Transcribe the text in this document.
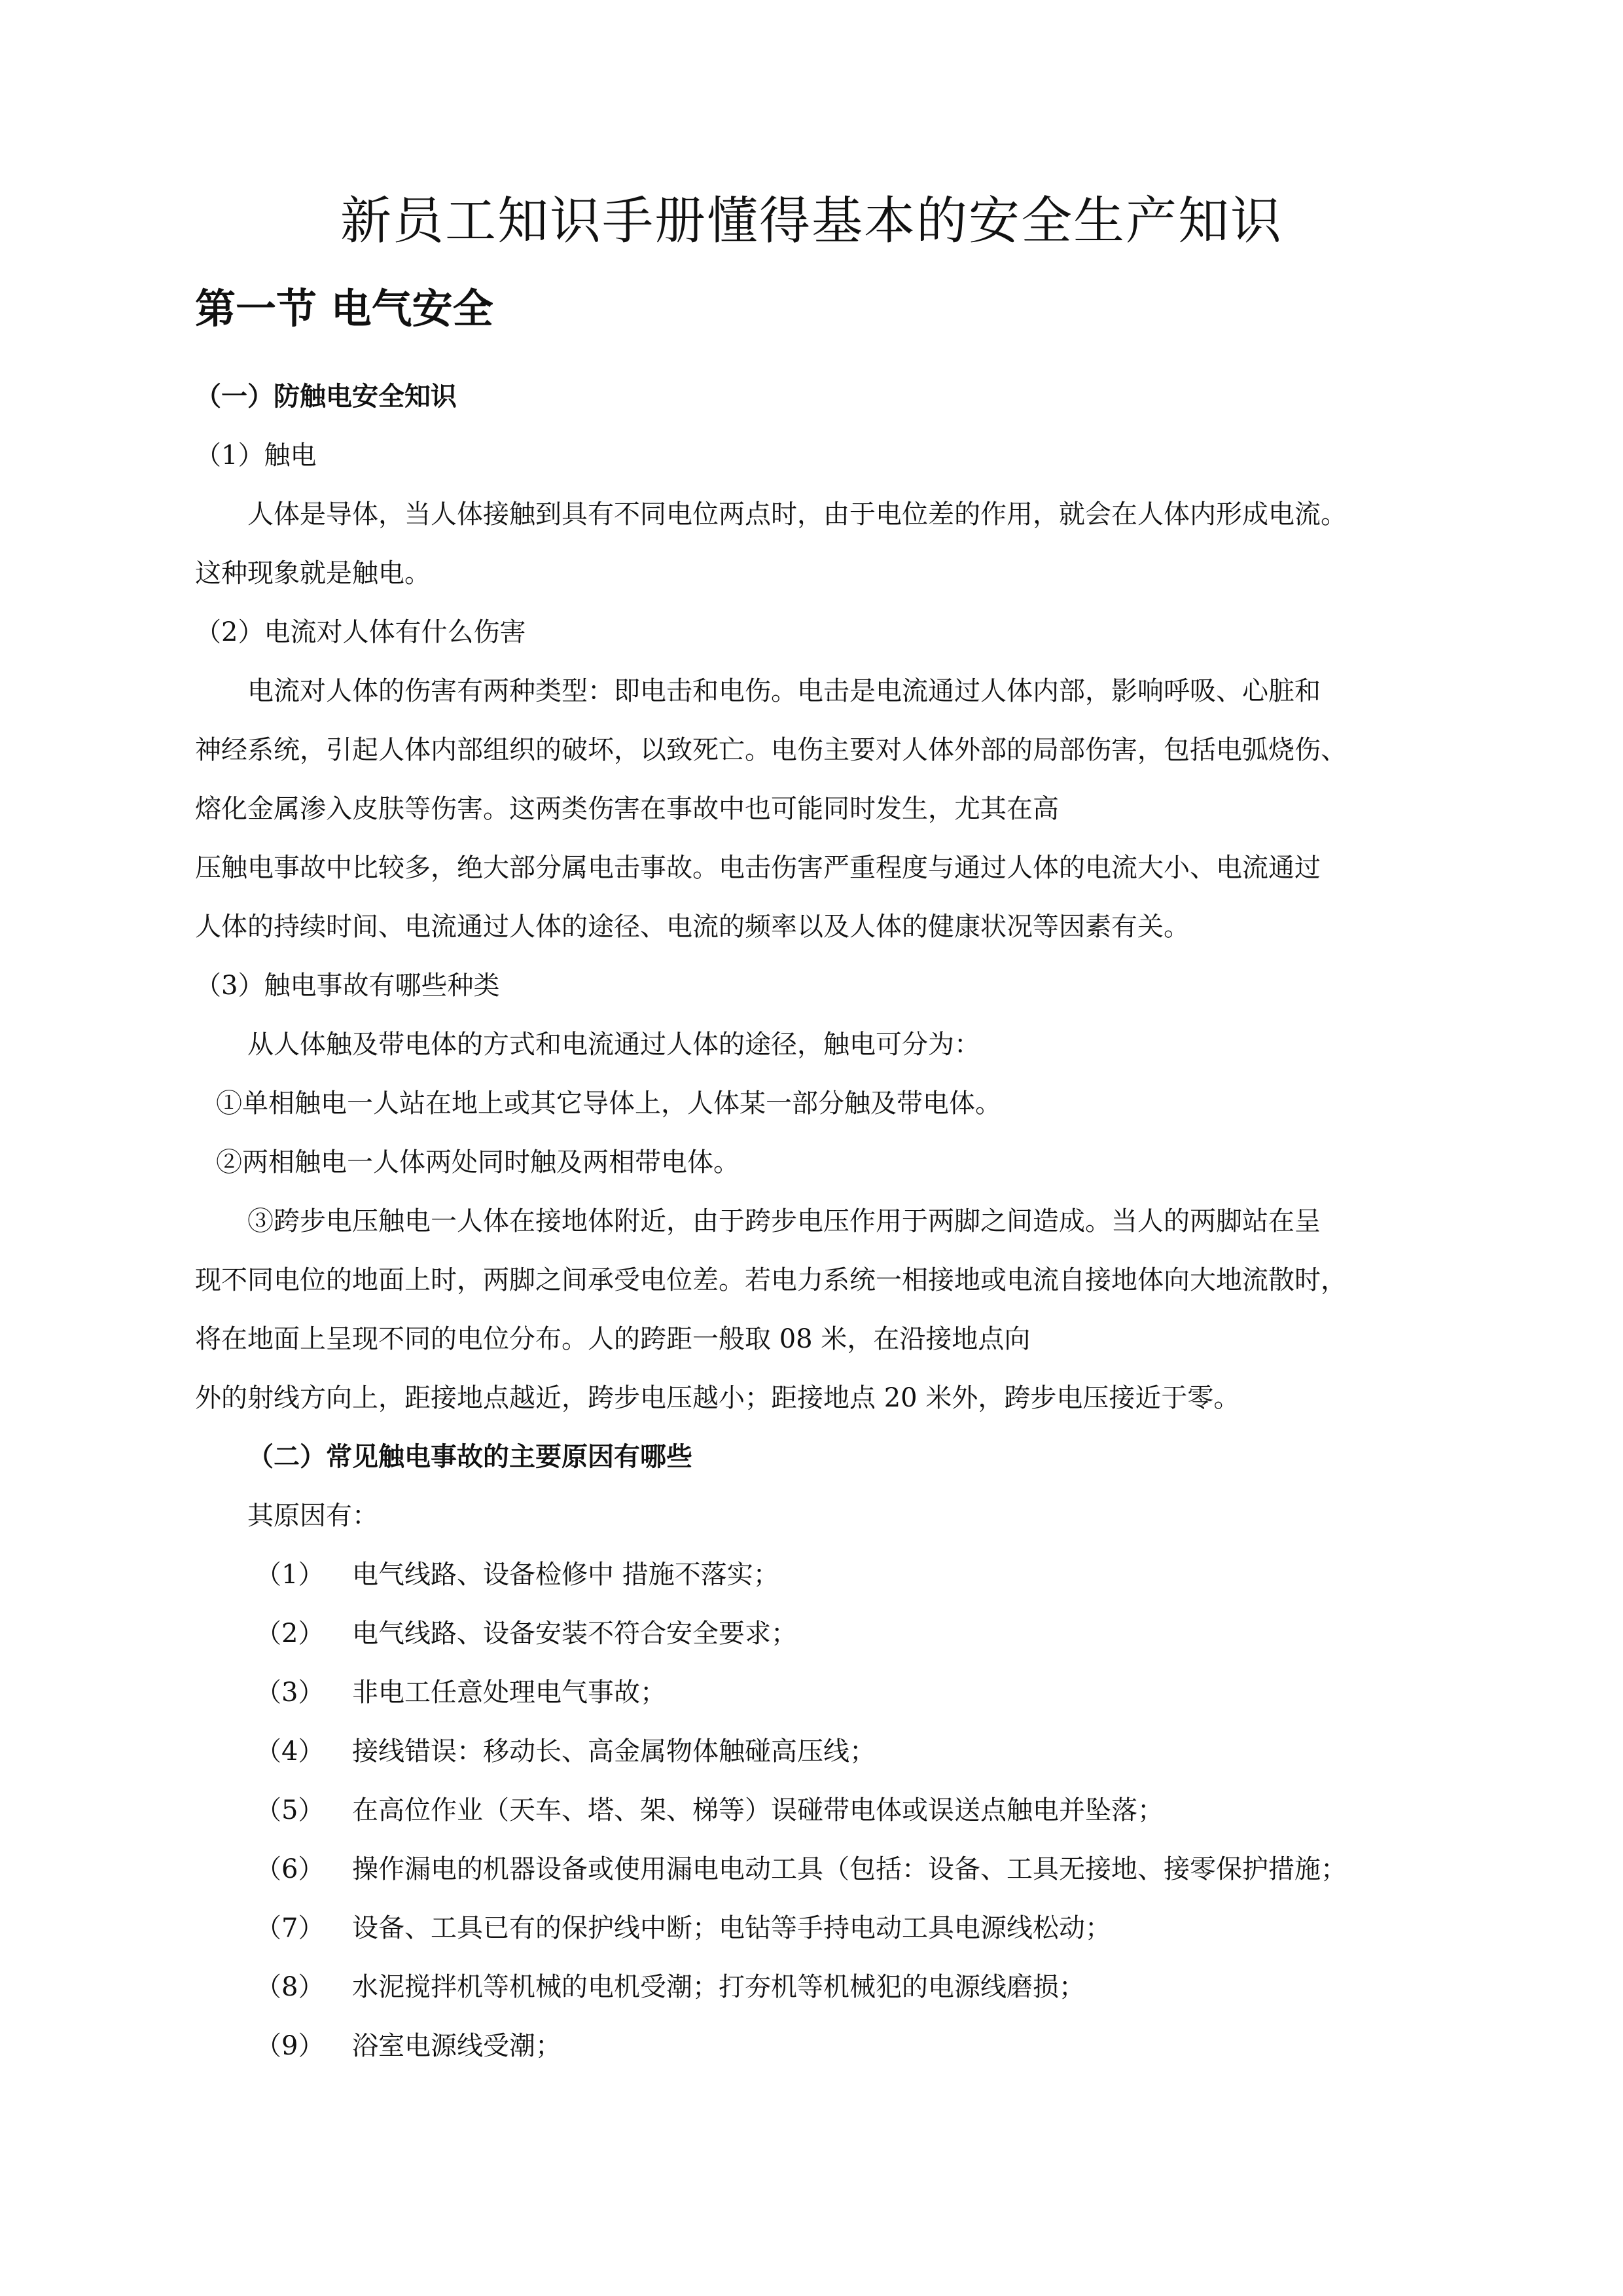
新员工知识手册懂得基本的安全生产知识
第一节 电气安全
（一）防触电安全知识
（1）触电
人体是导体，当人体接触到具有不同电位两点时，由于电位差的作用，就会在人体内形成电流。
这种现象就是触电。
（2）电流对人体有什么伤害
电流对人体的伤害有两种类型：即电击和电伤。电击是电流通过人体内部，影响呼吸、心脏和
神经系统，引起人体内部组织的破坏，以致死亡。电伤主要对人体外部的局部伤害，包括电弧烧伤、
熔化金属渗入皮肤等伤害。这两类伤害在事故中也可能同时发生，尤其在高
压触电事故中比较多，绝大部分属电击事故。电击伤害严重程度与通过人体的电流大小、电流通过
人体的持续时间、电流通过人体的途径、电流的频率以及人体的健康状况等因素有关。
（3）触电事故有哪些种类
从人体触及带电体的方式和电流通过人体的途径，触电可分为：
①单相触电一人站在地上或其它导体上，人体某一部分触及带电体。
②两相触电一人体两处同时触及两相带电体。
③跨步电压触电一人体在接地体附近，由于跨步电压作用于两脚之间造成。当人的两脚站在呈
现不同电位的地面上时，两脚之间承受电位差。若电力系统一相接地或电流自接地体向大地流散时，
将在地面上呈现不同的电位分布。人的跨距一般取 08 米，在沿接地点向
外的射线方向上，距接地点越近，跨步电压越小；距接地点 20 米外，跨步电压接近于零。
（二）常见触电事故的主要原因有哪些
其原因有：
（1） 电气线路、设备检修中 措施不落实；
（2） 电气线路、设备安装不符合安全要求；
（3） 非电工任意处理电气事故；
（4） 接线错误：移动长、高金属物体触碰高压线；
（5） 在高位作业（天车、塔、架、梯等）误碰带电体或误送点触电并坠落；
（6） 操作漏电的机器设备或使用漏电电动工具（包括：设备、工具无接地、接零保护措施；
（7） 设备、工具已有的保护线中断；电钻等手持电动工具电源线松动；
（8） 水泥搅拌机等机械的电机受潮；打夯机等机械犯的电源线磨损；
（9） 浴室电源线受潮；
